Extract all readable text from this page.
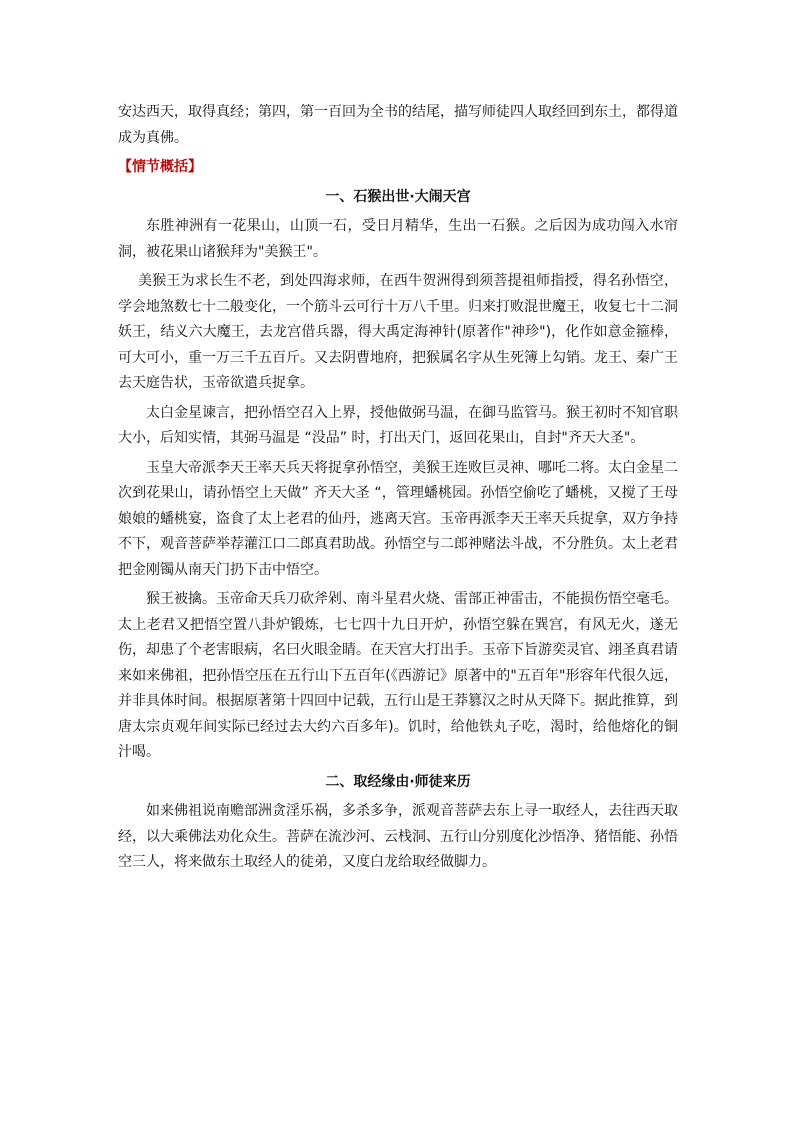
安达西天，取得真经；第四，第一百回为全书的结尾，描写师徒四人取经回到东土，都得道成为真佛。

【情节概括】

一、石猴出世·大闹天宫

东胜神洲有一花果山，山顶一石，受日月精华，生出一石猴。之后因为成功闯入水帘洞，被花果山诸猴拜为"美猴王"。

美猴王为求长生不老，到处四海求师，在西牛贺洲得到须菩提祖师指授，得名孙悟空，学会地煞数七十二般变化，一个筋斗云可行十万八千里。归来打败混世魔王，收复七十二洞妖王，结义六大魔王，去龙宫借兵器，得大禹定海神针(原著作"神珍")，化作如意金箍棒，可大可小，重一万三千五百斤。又去阴曹地府，把猴属名字从生死簿上勾销。龙王、秦广王去天庭告状，玉帝欲遣兵捉拿。

太白金星谏言，把孙悟空召入上界，授他做弼马温，在御马监管马。猴王初时不知官职大小，后知实情，其弼马温是 “没品” 时，打出天门，返回花果山，自封"齐天大圣"。

玉皇大帝派李天王率天兵天将捉拿孙悟空，美猴王连败巨灵神、哪吒二将。太白金星二次到花果山，请孙悟空上天做” 齐天大圣 “，管理蟠桃园。孙悟空偷吃了蟠桃，又搅了王母娘娘的蟠桃宴，盗食了太上老君的仙丹，逃离天宫。玉帝再派李天王率天兵捉拿，双方争持不下，观音菩萨举荐灌江口二郎真君助战。孙悟空与二郎神赌法斗战，不分胜负。太上老君把金刚镯从南天门扔下击中悟空。

猴王被擒。玉帝命天兵刀砍斧剁、南斗星君火烧、雷部正神雷击，不能损伤悟空毫毛。太上老君又把悟空置八卦炉锻炼，七七四十九日开炉，孙悟空躲在巽宫，有风无火，遂无伤，却患了个老害眼病，名曰火眼金睛。在天宫大打出手。玉帝下旨游奕灵官、翊圣真君请来如来佛祖，把孙悟空压在五行山下五百年(《西游记》原著中的"五百年"形容年代很久远，并非具体时间。根据原著第十四回中记载，五行山是王莽篡汉之时从天降下。据此推算，到唐太宗贞观年间实际已经过去大约六百多年)。饥时，给他铁丸子吃，渴时，给他熔化的铜汁喝。

二、取经缘由·师徒来历

如来佛祖说南赡部洲贪淫乐祸，多杀多争，派观音菩萨去东上寻一取经人，去往西天取经，以大乘佛法劝化众生。菩萨在流沙河、云栈洞、五行山分别度化沙悟净、猪悟能、孙悟空三人，将来做东土取经人的徒弟，又度白龙给取经做脚力。
